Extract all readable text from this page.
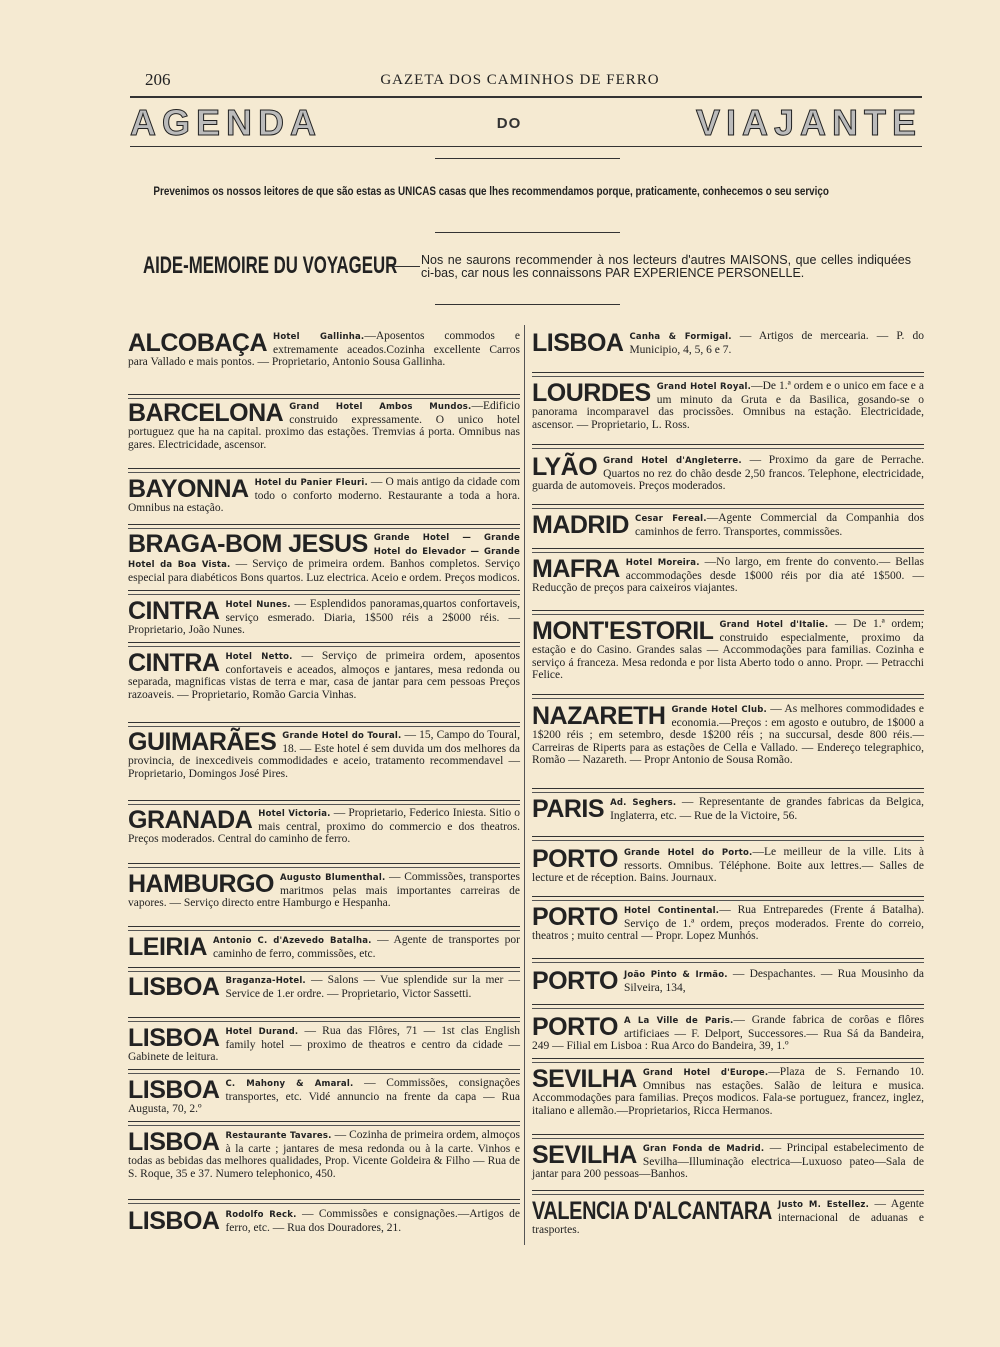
206	GAZETA DOS CAMINHOS DE FERRO
AGENDA	DO	VIAJANTE
Prevenimos os nossos leitores de que são estas as UNICAS casas que lhes recommendamos porque, praticamente, conhecemos o seu serviço
AIDE-MEMOIRE DU VOYAGEUR Nos ne saurons recommender à nos lecteurs d'autres MAISONS, que celles indiquées ci-bas, car nous les connaissons PAR EXPERIENCE PERSONELLE.
ALCOBAÇA Hotel Gallinha.—Aposentos commodos e extremamente aceados.Cozinha excellente Carros para Vallado e mais pontos. — Proprietario, Antonio Sousa Gallinha.
BARCELONA Grand Hotel Ambos Mundos.—Edificio construido expressamente. O unico hotel portuguez que ha na capital. proximo das estações. Tremvias á porta. Omnibus nas gares. Electricidade, ascensor.
BAYONNA Hotel du Panier Fleuri. — O mais antigo da cidade com todo o conforto moderno. Restaurante a toda a hora. Omnibus na estação.
BRAGA-BOM JESUS Grande Hotel — Grande Hotel do Elevador — Grande Hotel da Boa Vista. — Serviço de primeira ordem. Banhos completos. Serviço especial para diabéticos Bons quartos. Luz electrica. Aceio e ordem. Preços modicos.
CINTRA Hotel Nunes. — Esplendidos panoramas,quartos confortaveis, serviço esmerado. Diaria, 1$500 réis a 2$000 réis. — Proprietario, João Nunes.
CINTRA Hotel Netto. — Serviço de primeira ordem, aposentos confortaveis e aceados, almoços e jantares, mesa redonda ou separada, magnificas vistas de terra e mar, casa de jantar para cem pessoas Preços razoaveis. — Proprietario, Romão Garcia Vinhas.
GUIMARÃES Grande Hotel do Toural. — 15, Campo do Toural, 18. — Este hotel é sem duvida um dos melhores da provincia, de inexcediveis commodidades e aceio, tratamento recommendavel — Proprietario, Domingos José Pires.
GRANADA Hotel Victoria. — Proprietario, Federico Iniesta. Sitio o mais central, proximo do commercio e dos theatros. Preços moderados. Central do caminho de ferro.
HAMBURGO Augusto Blumenthal. — Commissões, transportes maritmos pelas mais importantes carreiras de vapores. — Serviço directo entre Hamburgo e Hespanha.
LEIRIA Antonio C. d'Azevedo Batalha. — Agente de transportes por caminho de ferro, commissões, etc.
LISBOA Braganza-Hotel. — Salons — Vue splendide sur la mer — Service de 1.er ordre. — Proprietario, Victor Sassetti.
LISBOA Hotel Durand. — Rua das Flôres, 71 — 1st clas English family hotel — proximo de theatros e centro da cidade — Gabinete de leitura.
LISBOA C. Mahony & Amaral. — Commissões, consignações transportes, etc. Vidé annuncio na frente da capa — Rua Augusta, 70, 2.º
LISBOA Restaurante Tavares. — Cozinha de primeira ordem, almoços à la carte ; jantares de mesa redonda ou à la carte. Vinhos e todas as bebidas das melhores qualidades, Prop. Vicente Goldeira & Filho — Rua de S. Roque, 35 e 37. Numero telephonico, 450.
LISBOA Rodolfo Reck. — Commissões e consignações.—Artigos de ferro, etc. — Rua dos Douradores, 21.
LISBOA Canha & Formigal. — Artigos de mercearia. — P. do Municipio, 4, 5, 6 e 7.
LOURDES Grand Hotel Royal.—De 1.ª ordem e o unico em face e a um minuto da Gruta e da Basilica, gosando-se o panorama incomparavel das procissões. Omnibus na estação. Electricidade, ascensor. — Proprietario, L. Ross.
LYÃO Grand Hotel d'Angleterre. — Proximo da gare de Perrache. Quartos no rez do chão desde 2,50 francos. Telephone, electricidade, guarda de automoveis. Preços moderados.
MADRID Cesar Fereal.—Agente Commercial da Companhia dos caminhos de ferro. Transportes, commissões.
MAFRA Hotel Moreira. —No largo, em frente do convento.— Bellas accommodações desde 1$000 réis por dia até 1$500. — Reducção de preços para caixeiros viajantes.
MONT'ESTORIL Grand Hotel d'Italie. — De 1.ª ordem; construido especialmente, proximo da estação e do Casino. Grandes salas — Accommodações para familias. Cozinha e serviço á franceza. Mesa redonda e por lista Aberto todo o anno. Propr. — Petracchi Felice.
NAZARETH Grande Hotel Club. — As melhores commodidades e economia.—Preços : em agosto e outubro, de 1$000 a 1$200 réis ; em setembro, desde 1$200 réis ; na succursal, desde 800 réis.—Carreiras de Riperts para as estações de Cella e Vallado. — Endereço telegraphico, Romão — Nazareth. — Propr Antonio de Sousa Romão.
PARIS Ad. Seghers. — Representante de grandes fabricas da Belgica, Inglaterra, etc. — Rue de la Victoire, 56.
PORTO Grande Hotel do Porto.—Le meilleur de la ville. Lits à ressorts. Omnibus. Téléphone. Boite aux lettres.— Salles de lecture et de réception. Bains. Journaux.
PORTO Hotel Continental.— Rua Entreparedes (Frente á Batalha). Serviço de 1.ª ordem, preços moderados. Frente do correio, theatros ; muito central — Propr. Lopez Munhós.
PORTO João Pinto & Irmão. — Despachantes. — Rua Mousinho da Silveira, 134,
PORTO A La Ville de Paris.— Grande fabrica de corôas e flôres artificiaes — F. Delport, Successores.— Rua Sá da Bandeira, 249 — Filial em Lisboa : Rua Arco do Bandeira, 39, 1.º
SEVILHA Grand Hotel d'Europe.—Plaza de S. Fernando 10. Omnibus nas estações. Salão de leitura e musica. Accommodações para familias. Preços modicos. Fala-se portuguez, francez, inglez, italiano e allemão.—Proprietarios, Ricca Hermanos.
SEVILHA Gran Fonda de Madrid. — Principal estabelecimento de Sevilha—Illuminação electrica—Luxuoso pateo—Sala de jantar para 200 pessoas—Banhos.
VALENCIA D'ALCANTARA Justo M. Estellez. — Agente internacional de aduanas e trasportes.
